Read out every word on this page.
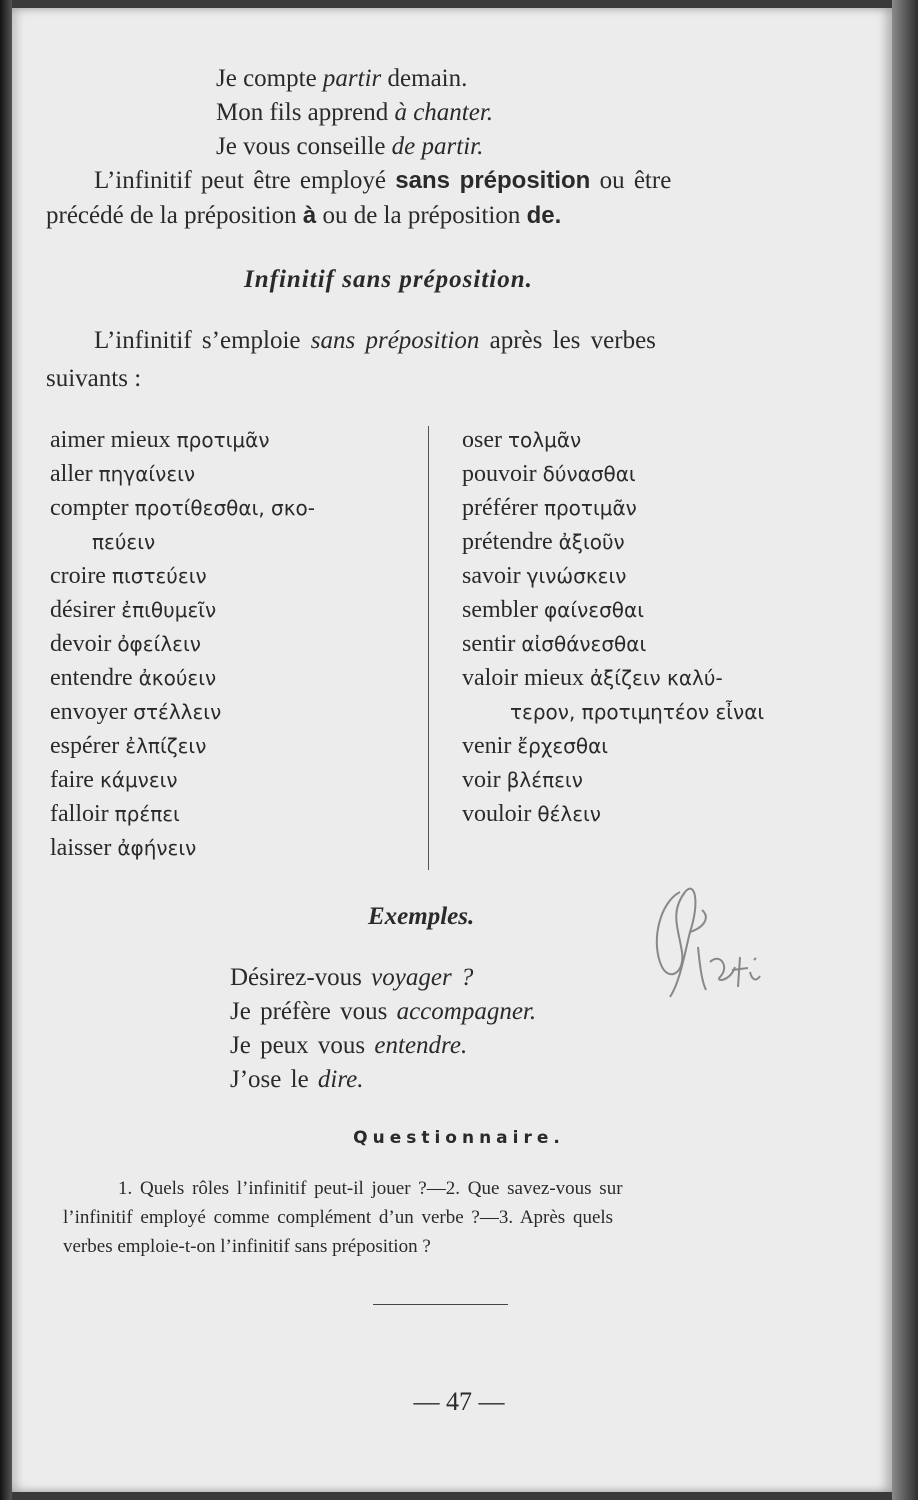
Je compte partir demain.
Mon fils apprend à chanter.
Je vous conseille de partir.
L’infinitif peut être employé sans préposition ou être
précédé de la préposition à ou de la préposition de.
Infinitif sans préposition.
L’infinitif s’emploie sans préposition après les verbes
suivants :
aimer mieux προτιμᾶν
aller πηγαίνειν
compter προτίθεσθαι, σκο-
πεύειν
croire πιστεύειν
désirer ἐπιθυμεῖν
devoir ὀφείλειν
entendre ἀκούειν
envoyer στέλλειν
espérer ἐλπίζειν
faire κάμνειν
falloir πρέπει
laisser ἀφήνειν
oser τολμᾶν
pouvoir δύνασθαι
préférer προτιμᾶν
prétendre ἀξιοῦν
savoir γινώσκειν
sembler φαίνεσθαι
sentir αἰσθάνεσθαι
valoir mieux ἀξίζειν καλύ-
τερον, προτιμητέον εἶναι
venir ἔρχεσθαι
voir βλέπειν
vouloir θέλειν
Exemples.
Désirez-vous voyager ?
Je préfère vous accompagner.
Je peux vous entendre.
J’ose le dire.
Questionnaire.
1. Quels rôles l’infinitif peut-il jouer ?—2. Que savez-vous sur
l’infinitif employé comme complément d’un verbe ?—3. Après quels
verbes emploie-t-on l’infinitif sans préposition ?
— 47 —
